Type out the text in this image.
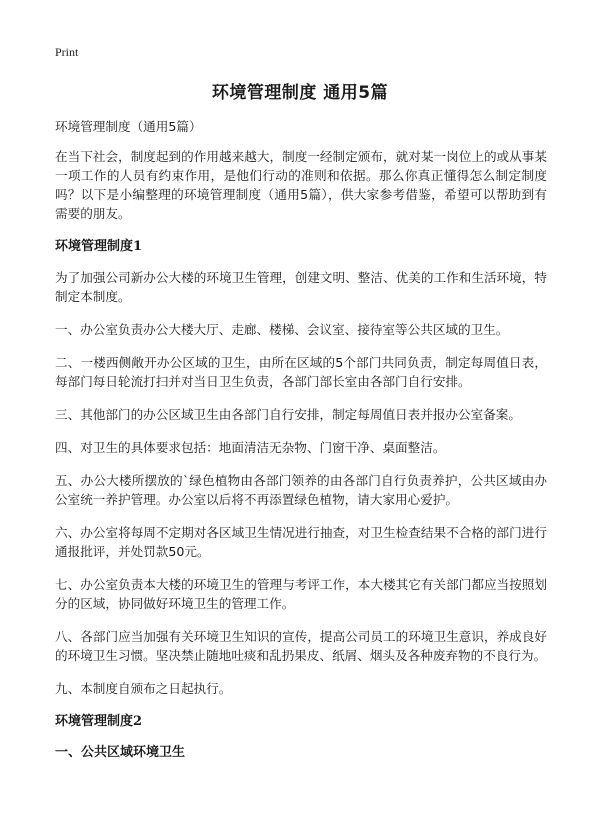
Print
环境管理制度 通用5篇

环境管理制度（通用5篇）

在当下社会，制度起到的作用越来越大，制度一经制定颁布，就对某一岗位上的或从事某一项工作的人员有约束作用，是他们行动的准则和依据。那么你真正懂得怎么制定制度吗？以下是小编整理的环境管理制度（通用5篇），供大家参考借鉴，希望可以帮助到有需要的朋友。

环境管理制度1

为了加强公司新办公大楼的环境卫生管理，创建文明、整洁、优美的工作和生活环境，特制定本制度。

一、办公室负责办公大楼大厅、走廊、楼梯、会议室、接待室等公共区域的卫生。

二、一楼西侧敞开办公区域的卫生，由所在区域的5个部门共同负责，制定每周值日表，每部门每日轮流打扫并对当日卫生负责，各部门部长室由各部门自行安排。

三、其他部门的办公区域卫生由各部门自行安排，制定每周值日表并报办公室备案。

四、对卫生的具体要求包括：地面清洁无杂物、门窗干净、桌面整洁。

五、办公大楼所摆放的`绿色植物由各部门领养的由各部门自行负责养护，公共区域由办公室统一养护管理。办公室以后将不再添置绿色植物，请大家用心爱护。

六、办公室将每周不定期对各区域卫生情况进行抽查，对卫生检查结果不合格的部门进行通报批评，并处罚款50元。

七、办公室负责本大楼的环境卫生的管理与考评工作，本大楼其它有关部门都应当按照划分的区域，协同做好环境卫生的管理工作。

八、各部门应当加强有关环境卫生知识的宣传，提高公司员工的环境卫生意识，养成良好的环境卫生习惯。坚决禁止随地吐痰和乱扔果皮、纸屑、烟头及各种废弃物的不良行为。

九、本制度自颁布之日起执行。

环境管理制度2
一、公共区域环境卫生
